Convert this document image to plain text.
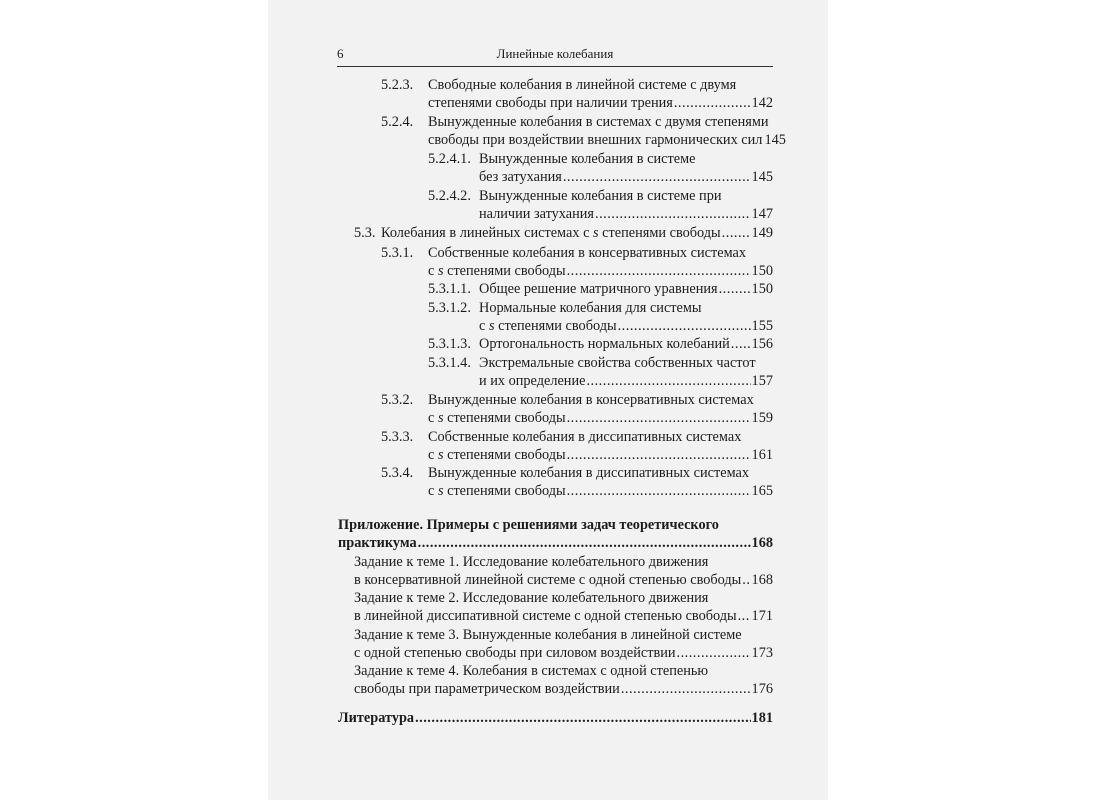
6	Линейные колебания
5.2.3.	Свободные колебания в линейной системе с двумя
степенями свободы при наличии трения .....	142
5.2.4.	Вынужденные колебания в системах с двумя степенями
свободы при воздействии внешних гармонических сил 145
5.2.4.1. Вынужденные колебания в системе
без затухания .....	145
5.2.4.2. Вынужденные колебания в системе при
наличии затухания .....	147
5.3. Колебания в линейных системах с s степенями свободы ..... 149
5.3.1.	Собственные колебания в консервативных системах
с s степенями свободы .....	150
5.3.1.1. Общее решение матричного уравнения ..... 150
5.3.1.2. Нормальные колебания для системы
с s степенями свободы .....	155
5.3.1.3. Ортогональность нормальных колебаний ..... 156
5.3.1.4. Экстремальные свойства собственных частот
и их определение .....	157
5.3.2.	Вынужденные колебания в консервативных системах
с s степенями свободы .....	159
5.3.3.	Собственные колебания в диссипативных системах
с s степенями свободы .....	161
5.3.4.	Вынужденные колебания в диссипативных системах
с s степенями свободы .....	165
Приложение. Примеры с решениями задач теоретического
практикума .....	168
Задание к теме 1. Исследование колебательного движения
в консервативной линейной системе с одной степенью свободы ..... 168
Задание к теме 2. Исследование колебательного движения
в линейной диссипативной системе с одной степенью свободы ..... 171
Задание к теме 3. Вынужденные колебания в линейной системе
с одной степенью свободы при силовом воздействии .....	173
Задание к теме 4. Колебания в системах с одной степенью
свободы при параметрическом воздействии .....	176
Литература .....	181
